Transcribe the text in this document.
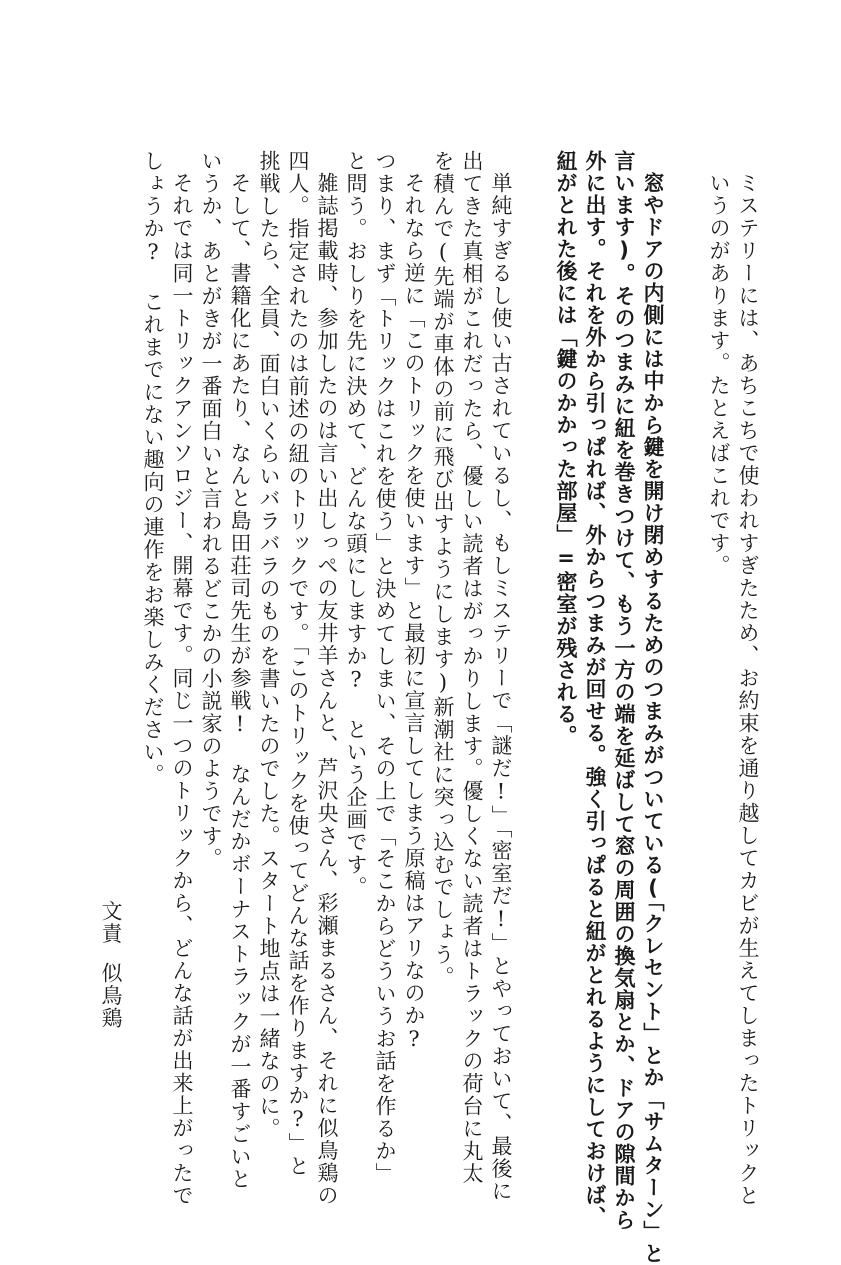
ミステリーには、あちこちで使われすぎたため、お約束を通り越してカビが生えてしまったトリックと

いうのがあります。たとえばこれです。

窓やドアの内側には中から鍵を開け閉めするためのつまみがついている(「クレセント」とか「サムターン」と

言います)。そのつまみに紐を巻きつけて、もう一方の端を延ばして窓の周囲の換気扇とか、ドアの隙間から

外に出す。それを外から引っぱれば、外からつまみが回せる。強く引っぱると紐がとれるようにしておけば、

紐がとれた後には「鍵のかかった部屋」=密室が残される。

単純すぎるし使い古されているし、もしミステリーで「謎だ!」「密室だ!」とやっておいて、最後に

出てきた真相がこれだったら、優しい読者はがっかりします。優しくない読者はトラックの荷台に丸太

を積んで(先端が車体の前に飛び出すようにします)新潮社に突っ込むでしょう。

それなら逆に「このトリックを使います」と最初に宣言してしまう原稿はアリなのか?

つまり、まず「トリックはこれを使う」と決めてしまい、その上で「そこからどういうお話を作るか」

と問う。おしりを先に決めて、どんな頭にしますか? という企画です。

雑誌掲載時、参加したのは言い出しっぺの友井羊さんと、芦沢央さん、彩瀬まるさん、それに似鳥鶏の

四人。指定されたのは前述の紐のトリックです。「このトリックを使ってどんな話を作りますか?」と

挑戦したら、全員、面白いくらいバラバラのものを書いたのでした。スタート地点は一緒なのに。

そして、書籍化にあたり、なんと島田荘司先生が参戦! なんだかボーナストラックが一番すごいと

いうか、あとがきが一番面白いと言われるどこかの小説家のようです。

それでは同一トリックアンソロジー、開幕です。同じ一つのトリックから、どんな話が出来上がったで

しょうか? これまでにない趣向の連作をお楽しみください。

文責

似鳥鶏
